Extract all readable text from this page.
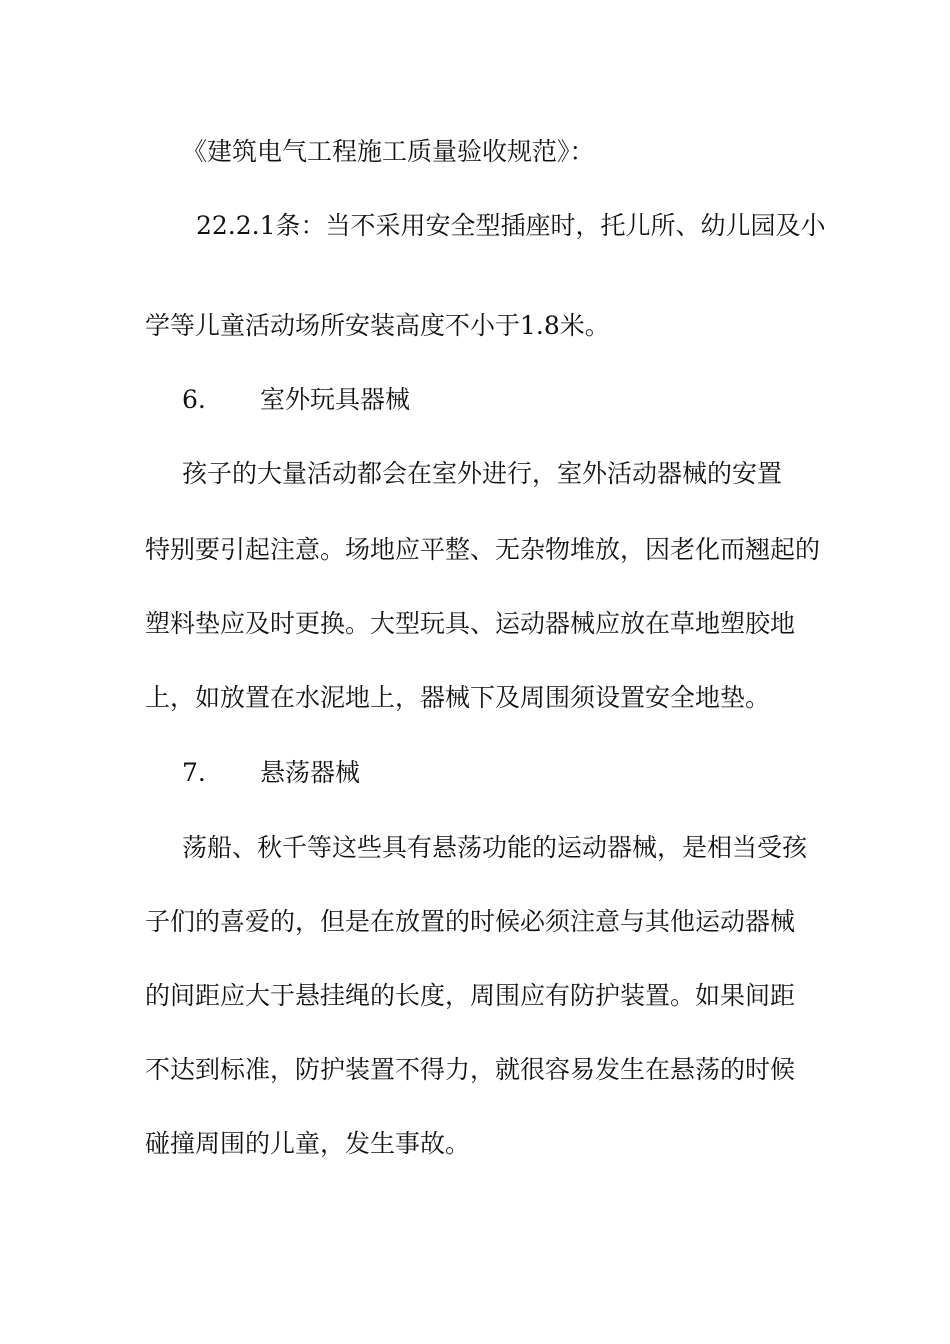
《建筑电气工程施工质量验收规范》：
22.2.1条：当不采用安全型插座时，托儿所、幼儿园及小
学等儿童活动场所安装高度不小于1.8米。
6. 室外玩具器械
孩子的大量活动都会在室外进行，室外活动器械的安置
特别要引起注意。场地应平整、无杂物堆放，因老化而翘起的
塑料垫应及时更换。大型玩具、运动器械应放在草地塑胶地
上，如放置在水泥地上，器械下及周围须设置安全地垫。
7. 悬荡器械
荡船、秋千等这些具有悬荡功能的运动器械，是相当受孩
子们的喜爱的，但是在放置的时候必须注意与其他运动器械
的间距应大于悬挂绳的长度，周围应有防护装置。如果间距
不达到标准，防护装置不得力，就很容易发生在悬荡的时候
碰撞周围的儿童，发生事故。
